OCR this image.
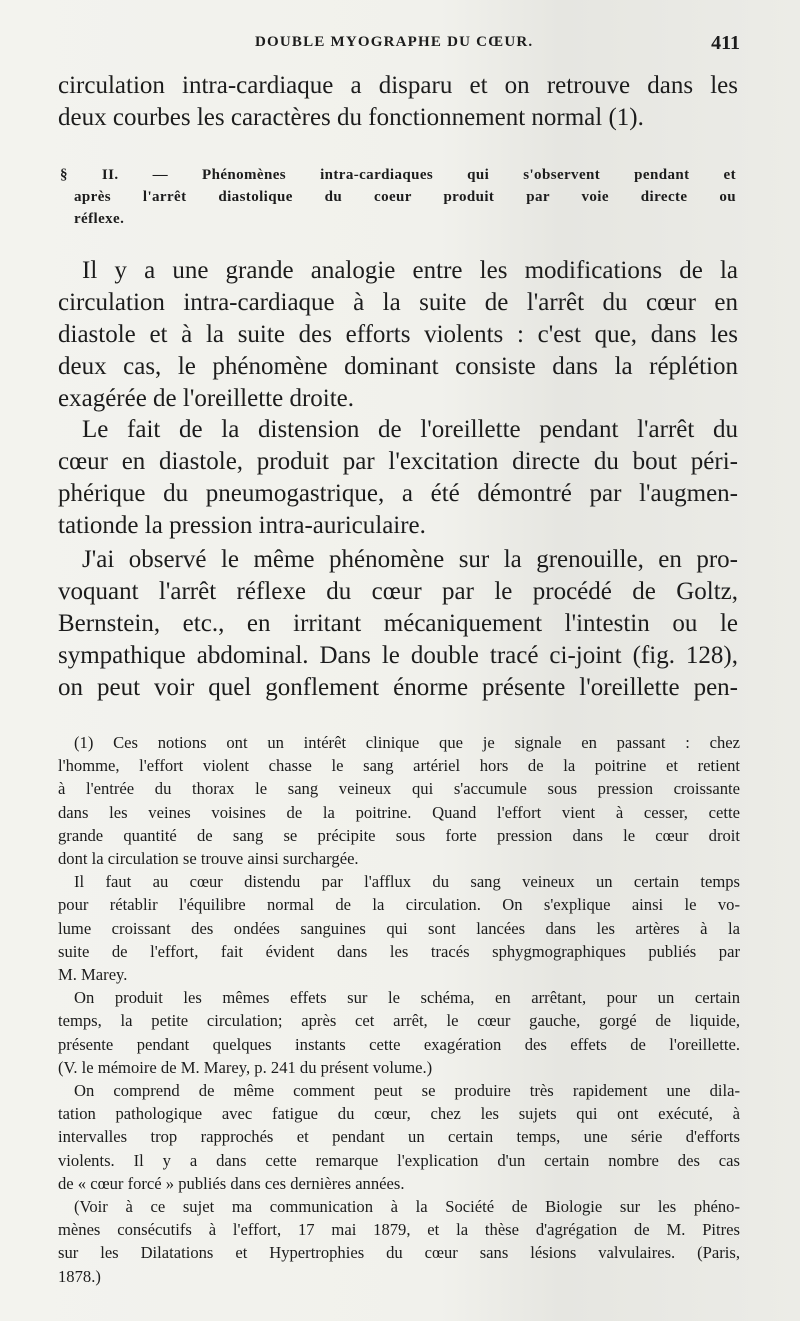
DOUBLE MYOGRAPHE DU CŒUR.	411
circulation intra-cardiaque a disparu et on retrouve dans les
deux courbes les caractères du fonctionnement normal (1).
§ II. — Phénomènes intra-cardiaques qui s'observent pendant et
après l'arrêt diastolique du coeur produit par voie directe ou
réflexe.
Il y a une grande analogie entre les modifications de la
circulation intra-cardiaque à la suite de l'arrêt du cœur en
diastole et à la suite des efforts violents : c'est que, dans les
deux cas, le phénomène dominant consiste dans la réplétion
exagérée de l'oreillette droite.
Le fait de la distension de l'oreillette pendant l'arrêt du
cœur en diastole, produit par l'excitation directe du bout péri-
phérique du pneumogastrique, a été démontré par l'augmen-
tationde la pression intra-auriculaire.
J'ai observé le même phénomène sur la grenouille, en pro-
voquant l'arrêt réflexe du cœur par le procédé de Goltz,
Bernstein, etc., en irritant mécaniquement l'intestin ou le
sympathique abdominal. Dans le double tracé ci-joint (fig. 128),
on peut voir quel gonflement énorme présente l'oreillette pen-
(1) Ces notions ont un intérêt clinique que je signale en passant : chez
l'homme, l'effort violent chasse le sang artériel hors de la poitrine et retient
à l'entrée du thorax le sang veineux qui s'accumule sous pression croissante
dans les veines voisines de la poitrine. Quand l'effort vient à cesser, cette
grande quantité de sang se précipite sous forte pression dans le cœur droit
dont la circulation se trouve ainsi surchargée.
Il faut au cœur distendu par l'afflux du sang veineux un certain temps
pour rétablir l'équilibre normal de la circulation. On s'explique ainsi le vo-
lume croissant des ondées sanguines qui sont lancées dans les artères à la
suite de l'effort, fait évident dans les tracés sphygmographiques publiés par
M. Marey.
On produit les mêmes effets sur le schéma, en arrêtant, pour un certain
temps, la petite circulation; après cet arrêt, le cœur gauche, gorgé de liquide,
présente pendant quelques instants cette exagération des effets de l'oreillette.
(V. le mémoire de M. Marey, p. 241 du présent volume.)
On comprend de même comment peut se produire très rapidement une dila-
tation pathologique avec fatigue du cœur, chez les sujets qui ont exécuté, à
intervalles trop rapprochés et pendant un certain temps, une série d'efforts
violents. Il y a dans cette remarque l'explication d'un certain nombre des cas
de « cœur forcé » publiés dans ces dernières années.
(Voir à ce sujet ma communication à la Société de Biologie sur les phéno-
mènes consécutifs à l'effort, 17 mai 1879, et la thèse d'agrégation de M. Pitres
sur les Dilatations et Hypertrophies du cœur sans lésions valvulaires. (Paris,
1878.)
